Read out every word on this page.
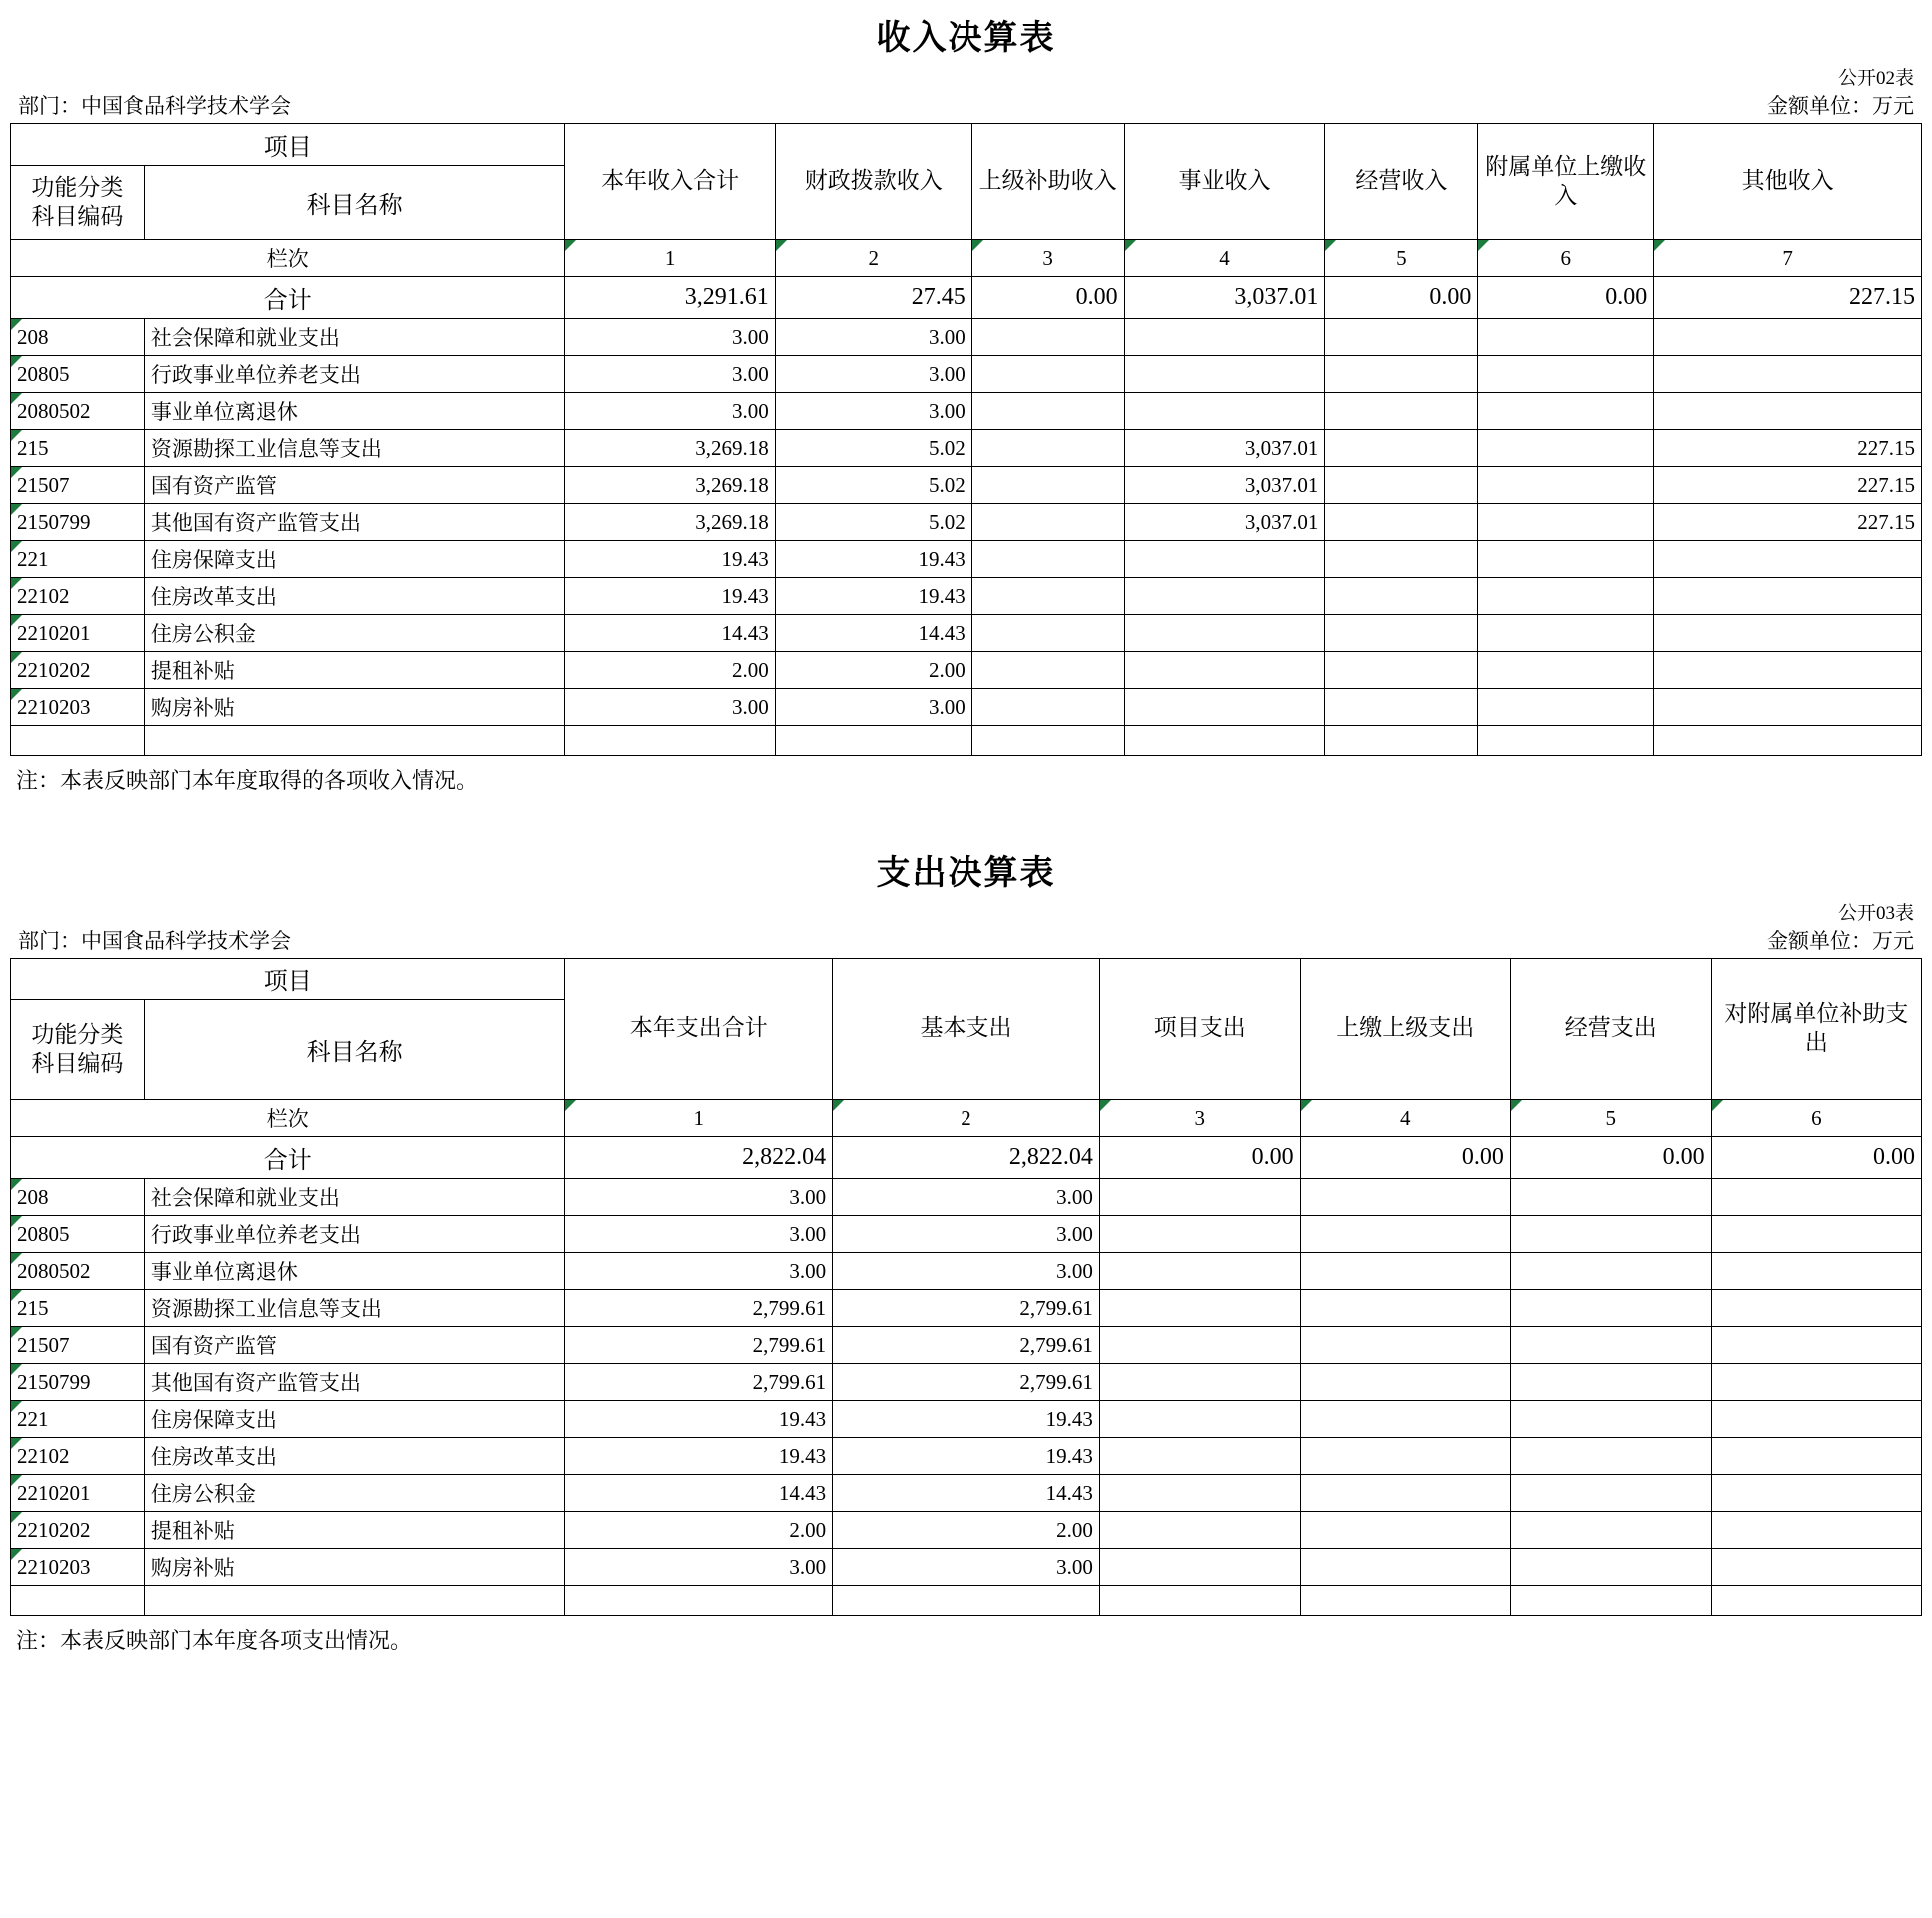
收入决算表
公开02表
部门：中国食品科学技术学会	金额单位：万元
项目		本年收入合计	财政拨款收入	上级补助收入	事业收入	经营收入	附属单位上缴收入	其他收入
功能分类
科目编码	科目名称							
栏次		1	2	3	4	5	6	7
合计		3,291.61	27.45	0.00	3,037.01	0.00	0.00	227.15
208	社会保障和就业支出	3.00	3.00					
20805	行政事业单位养老支出	3.00	3.00					
2080502	事业单位离退休	3.00	3.00					
215	资源勘探工业信息等支出	3,269.18	5.02		3,037.01			227.15
21507	国有资产监管	3,269.18	5.02		3,037.01			227.15
2150799	其他国有资产监管支出	3,269.18	5.02		3,037.01			227.15
221	住房保障支出	19.43	19.43					
22102	住房改革支出	19.43	19.43					
2210201	住房公积金	14.43	14.43					
2210202	提租补贴	2.00	2.00					
2210203	购房补贴	3.00	3.00					

注：本表反映部门本年度取得的各项收入情况。
支出决算表
公开03表
部门：中国食品科学技术学会	金额单位：万元
项目		本年支出合计	基本支出	项目支出	上缴上级支出	经营支出	对附属单位补助支出
功能分类
科目编码	科目名称						
栏次		1	2	3	4	5	6
合计		2,822.04	2,822.04	0.00	0.00	0.00	0.00
208	社会保障和就业支出	3.00	3.00				
20805	行政事业单位养老支出	3.00	3.00				
2080502	事业单位离退休	3.00	3.00				
215	资源勘探工业信息等支出	2,799.61	2,799.61				
21507	国有资产监管	2,799.61	2,799.61				
2150799	其他国有资产监管支出	2,799.61	2,799.61				
221	住房保障支出	19.43	19.43				
22102	住房改革支出	19.43	19.43				
2210201	住房公积金	14.43	14.43				
2210202	提租补贴	2.00	2.00				
2210203	购房补贴	3.00	3.00				

注：本表反映部门本年度各项支出情况。
